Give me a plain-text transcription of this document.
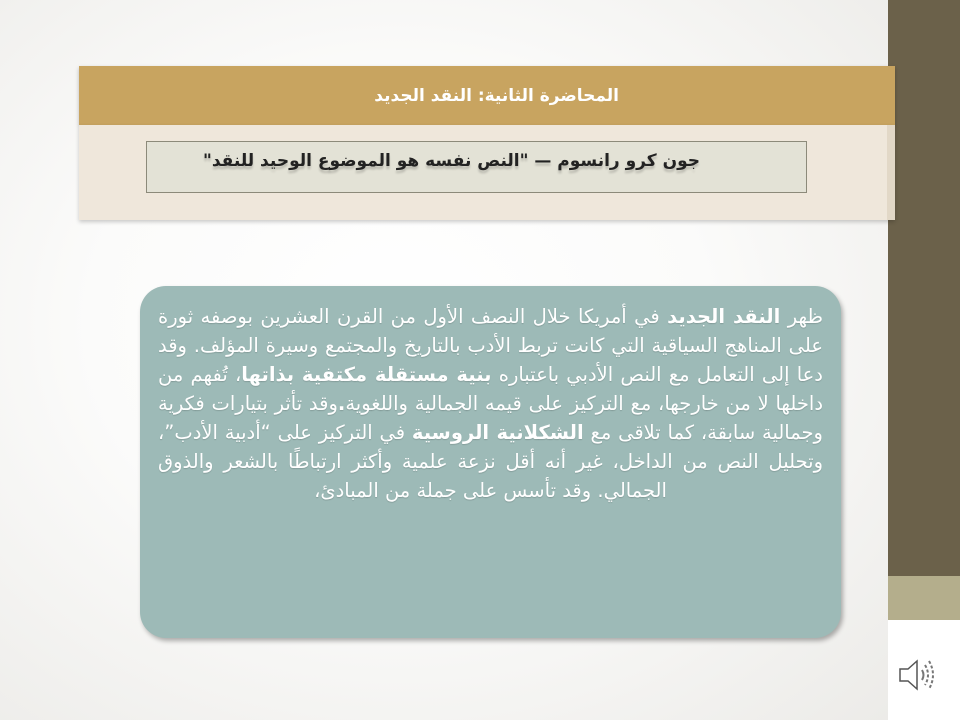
المحاضرة الثانية: النقد الجديد
جون كرو رانسوم — "النص نفسه هو الموضوع الوحيد للنقد"
ظهر النقد الجديد في أمريكا خلال النصف الأول من القرن العشرين بوصفه ثورة على المناهج السياقية التي كانت تربط الأدب بالتاريخ والمجتمع وسيرة المؤلف. وقد دعا إلى التعامل مع النص الأدبي باعتباره بنية مستقلة مكتفية بذاتها، تُفهم من داخلها لا من خارجها، مع التركيز على قيمه الجمالية واللغوية.وقد تأثر بتيارات فكرية وجمالية سابقة، كما تلاقى مع الشكلانية الروسية في التركيز على “أدبية الأدب”، وتحليل النص من الداخل، غير أنه أقل نزعة علمية وأكثر ارتباطًا بالشعر والذوق الجمالي. وقد تأسس على جملة من المبادئ،
